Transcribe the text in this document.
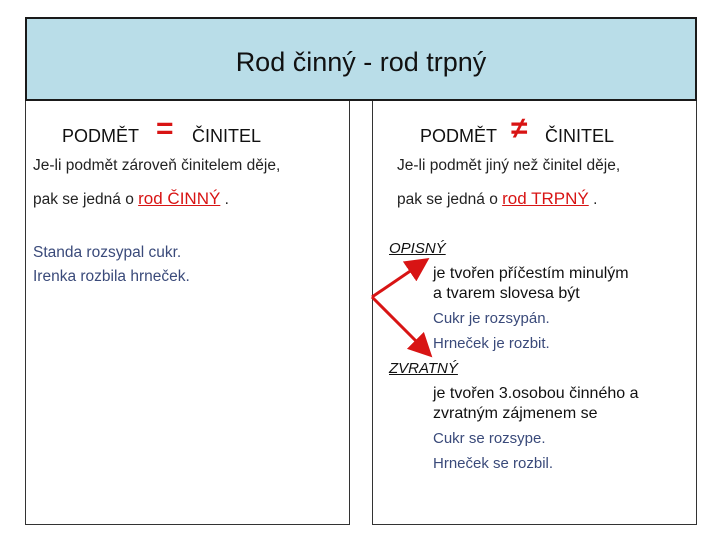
Rod činný - rod trpný
PODMĚT = ČINITEL
Je-li podmět zároveň činitelem děje,
pak se jedná o rod ČINNÝ .
Standa rozsypal cukr.
Irenka rozbila hrneček.
PODMĚT ≠ ČINITEL
Je-li podmět jiný než činitel děje,
pak se jedná o rod TRPNÝ .
OPISNÝ
je tvořen příčestím minulým
a tvarem slovesa být
Cukr je rozsypán.
Hrneček je rozbit.
ZVRATNÝ
je tvořen 3.osobou činného a
zvratným zájmenem se
Cukr se rozsype.
Hrneček se rozbil.
